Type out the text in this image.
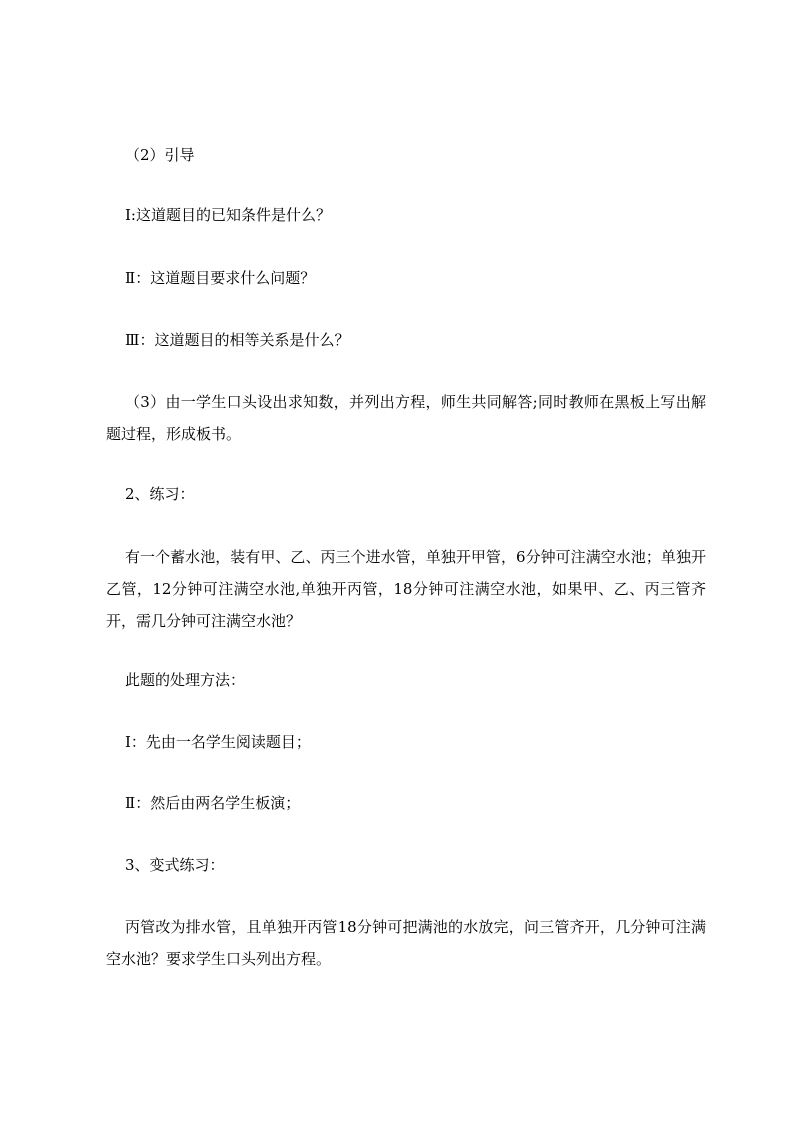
（2）引导

Ⅰ:这道题目的已知条件是什么？

Ⅱ：这道题目要求什么问题？

Ⅲ：这道题目的相等关系是什么？

（3）由一学生口头设出求知数，并列出方程，师生共同解答;同时教师在黑板上写出解题过程，形成板书。

2、练习：

有一个蓄水池，装有甲、乙、丙三个进水管，单独开甲管，6分钟可注满空水池；单独开乙管，12分钟可注满空水池,单独开丙管，18分钟可注满空水池，如果甲、乙、丙三管齐开，需几分钟可注满空水池？

此题的处理方法：

Ⅰ：先由一名学生阅读题目；

Ⅱ：然后由两名学生板演；

3、变式练习：

丙管改为排水管，且单独开丙管18分钟可把满池的水放完，问三管齐开，几分钟可注满空水池？要求学生口头列出方程。
